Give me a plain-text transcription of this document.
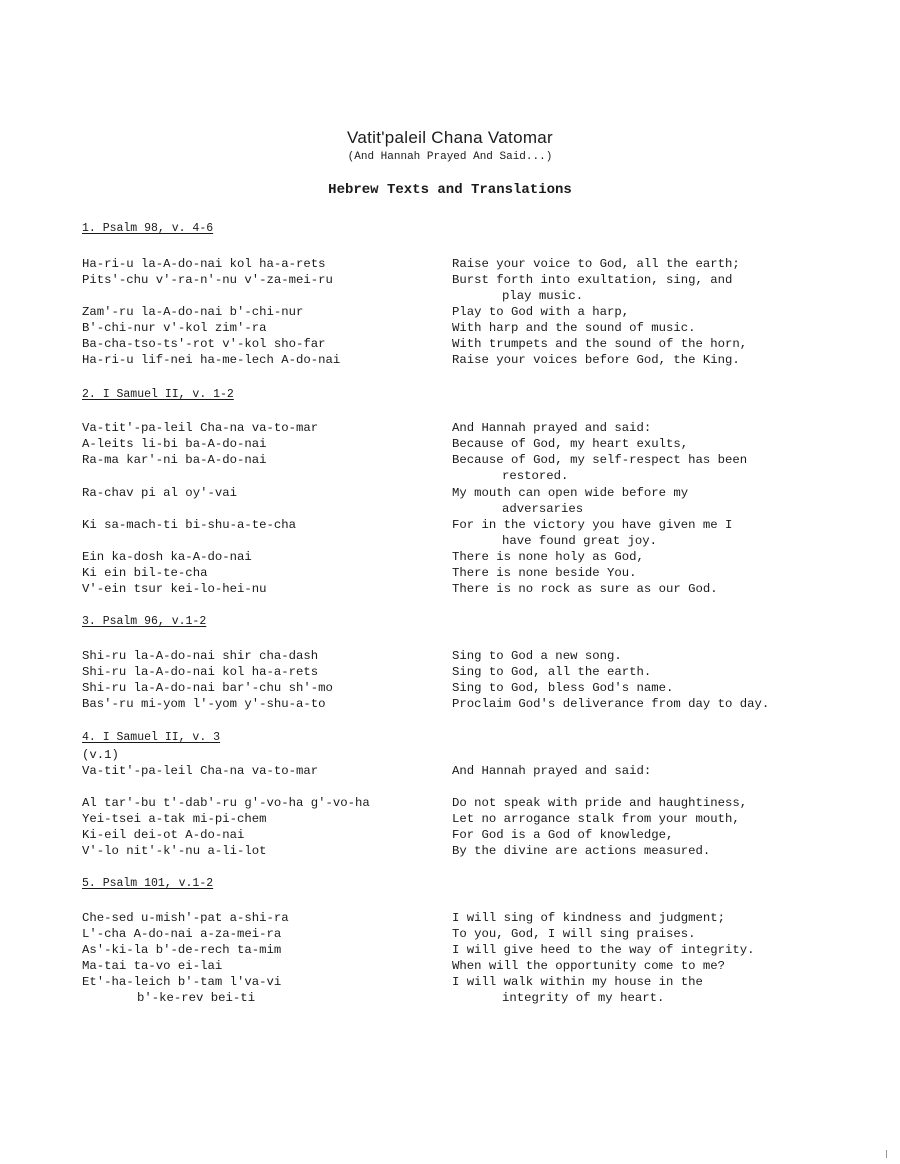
Vatit'paleil Chana Vatomar
(And Hannah Prayed And Said...)
Hebrew Texts and Translations
1. Psalm 98, v. 4-6
Ha-ri-u la-A-do-nai kol ha-a-rets
Pits'-chu v'-ra-n'-nu v'-za-mei-ru
Zam'-ru la-A-do-nai b'-chi-nur
B'-chi-nur v'-kol zim'-ra
Ba-cha-tso-ts'-rot v'-kol sho-far
Ha-ri-u lif-nei ha-me-lech A-do-nai
Raise your voice to God, all the earth;
Burst forth into exultation, sing, and
play music.
Play to God with a harp,
With harp and the sound of music.
With trumpets and the sound of the horn,
Raise your voices before God, the King.
2. I Samuel II, v. 1-2
Va-tit'-pa-leil Cha-na va-to-mar
A-leits li-bi ba-A-do-nai
Ra-ma kar'-ni ba-A-do-nai
Ra-chav pi al oy'-vai
Ki sa-mach-ti bi-shu-a-te-cha
Ein ka-dosh ka-A-do-nai
Ki ein bil-te-cha
V'-ein tsur kei-lo-hei-nu
And Hannah prayed and said:
Because of God, my heart exults,
Because of God, my self-respect has been
restored.
My mouth can open wide before my
adversaries
For in the victory you have given me I
have found great joy.
There is none holy as God,
There is none beside You.
There is no rock as sure as our God.
3. Psalm 96, v.1-2
Shi-ru la-A-do-nai shir cha-dash
Shi-ru la-A-do-nai kol ha-a-rets
Shi-ru la-A-do-nai bar'-chu sh'-mo
Bas'-ru mi-yom l'-yom y'-shu-a-to
Sing to God a new song.
Sing to God, all the earth.
Sing to God, bless God's name.
Proclaim God's deliverance from day to day.
4. I Samuel II, v. 3
(v.1)
Va-tit'-pa-leil Cha-na va-to-mar
Al tar'-bu t'-dab'-ru g'-vo-ha g'-vo-ha
Yei-tsei a-tak mi-pi-chem
Ki-eil dei-ot A-do-nai
V'-lo nit'-k'-nu a-li-lot
And Hannah prayed and said:
Do not speak with pride and haughtiness,
Let no arrogance stalk from your mouth,
For God is a God of knowledge,
By the divine are actions measured.
5. Psalm 101, v.1-2
Che-sed u-mish'-pat a-shi-ra
L'-cha A-do-nai a-za-mei-ra
As'-ki-la b'-de-rech ta-mim
Ma-tai ta-vo ei-lai
Et'-ha-leich b'-tam l'va-vi
b'-ke-rev bei-ti
I will sing of kindness and judgment;
To you, God, I will sing praises.
I will give heed to the way of integrity.
When will the opportunity come to me?
I will walk within my house in the
integrity of my heart.
